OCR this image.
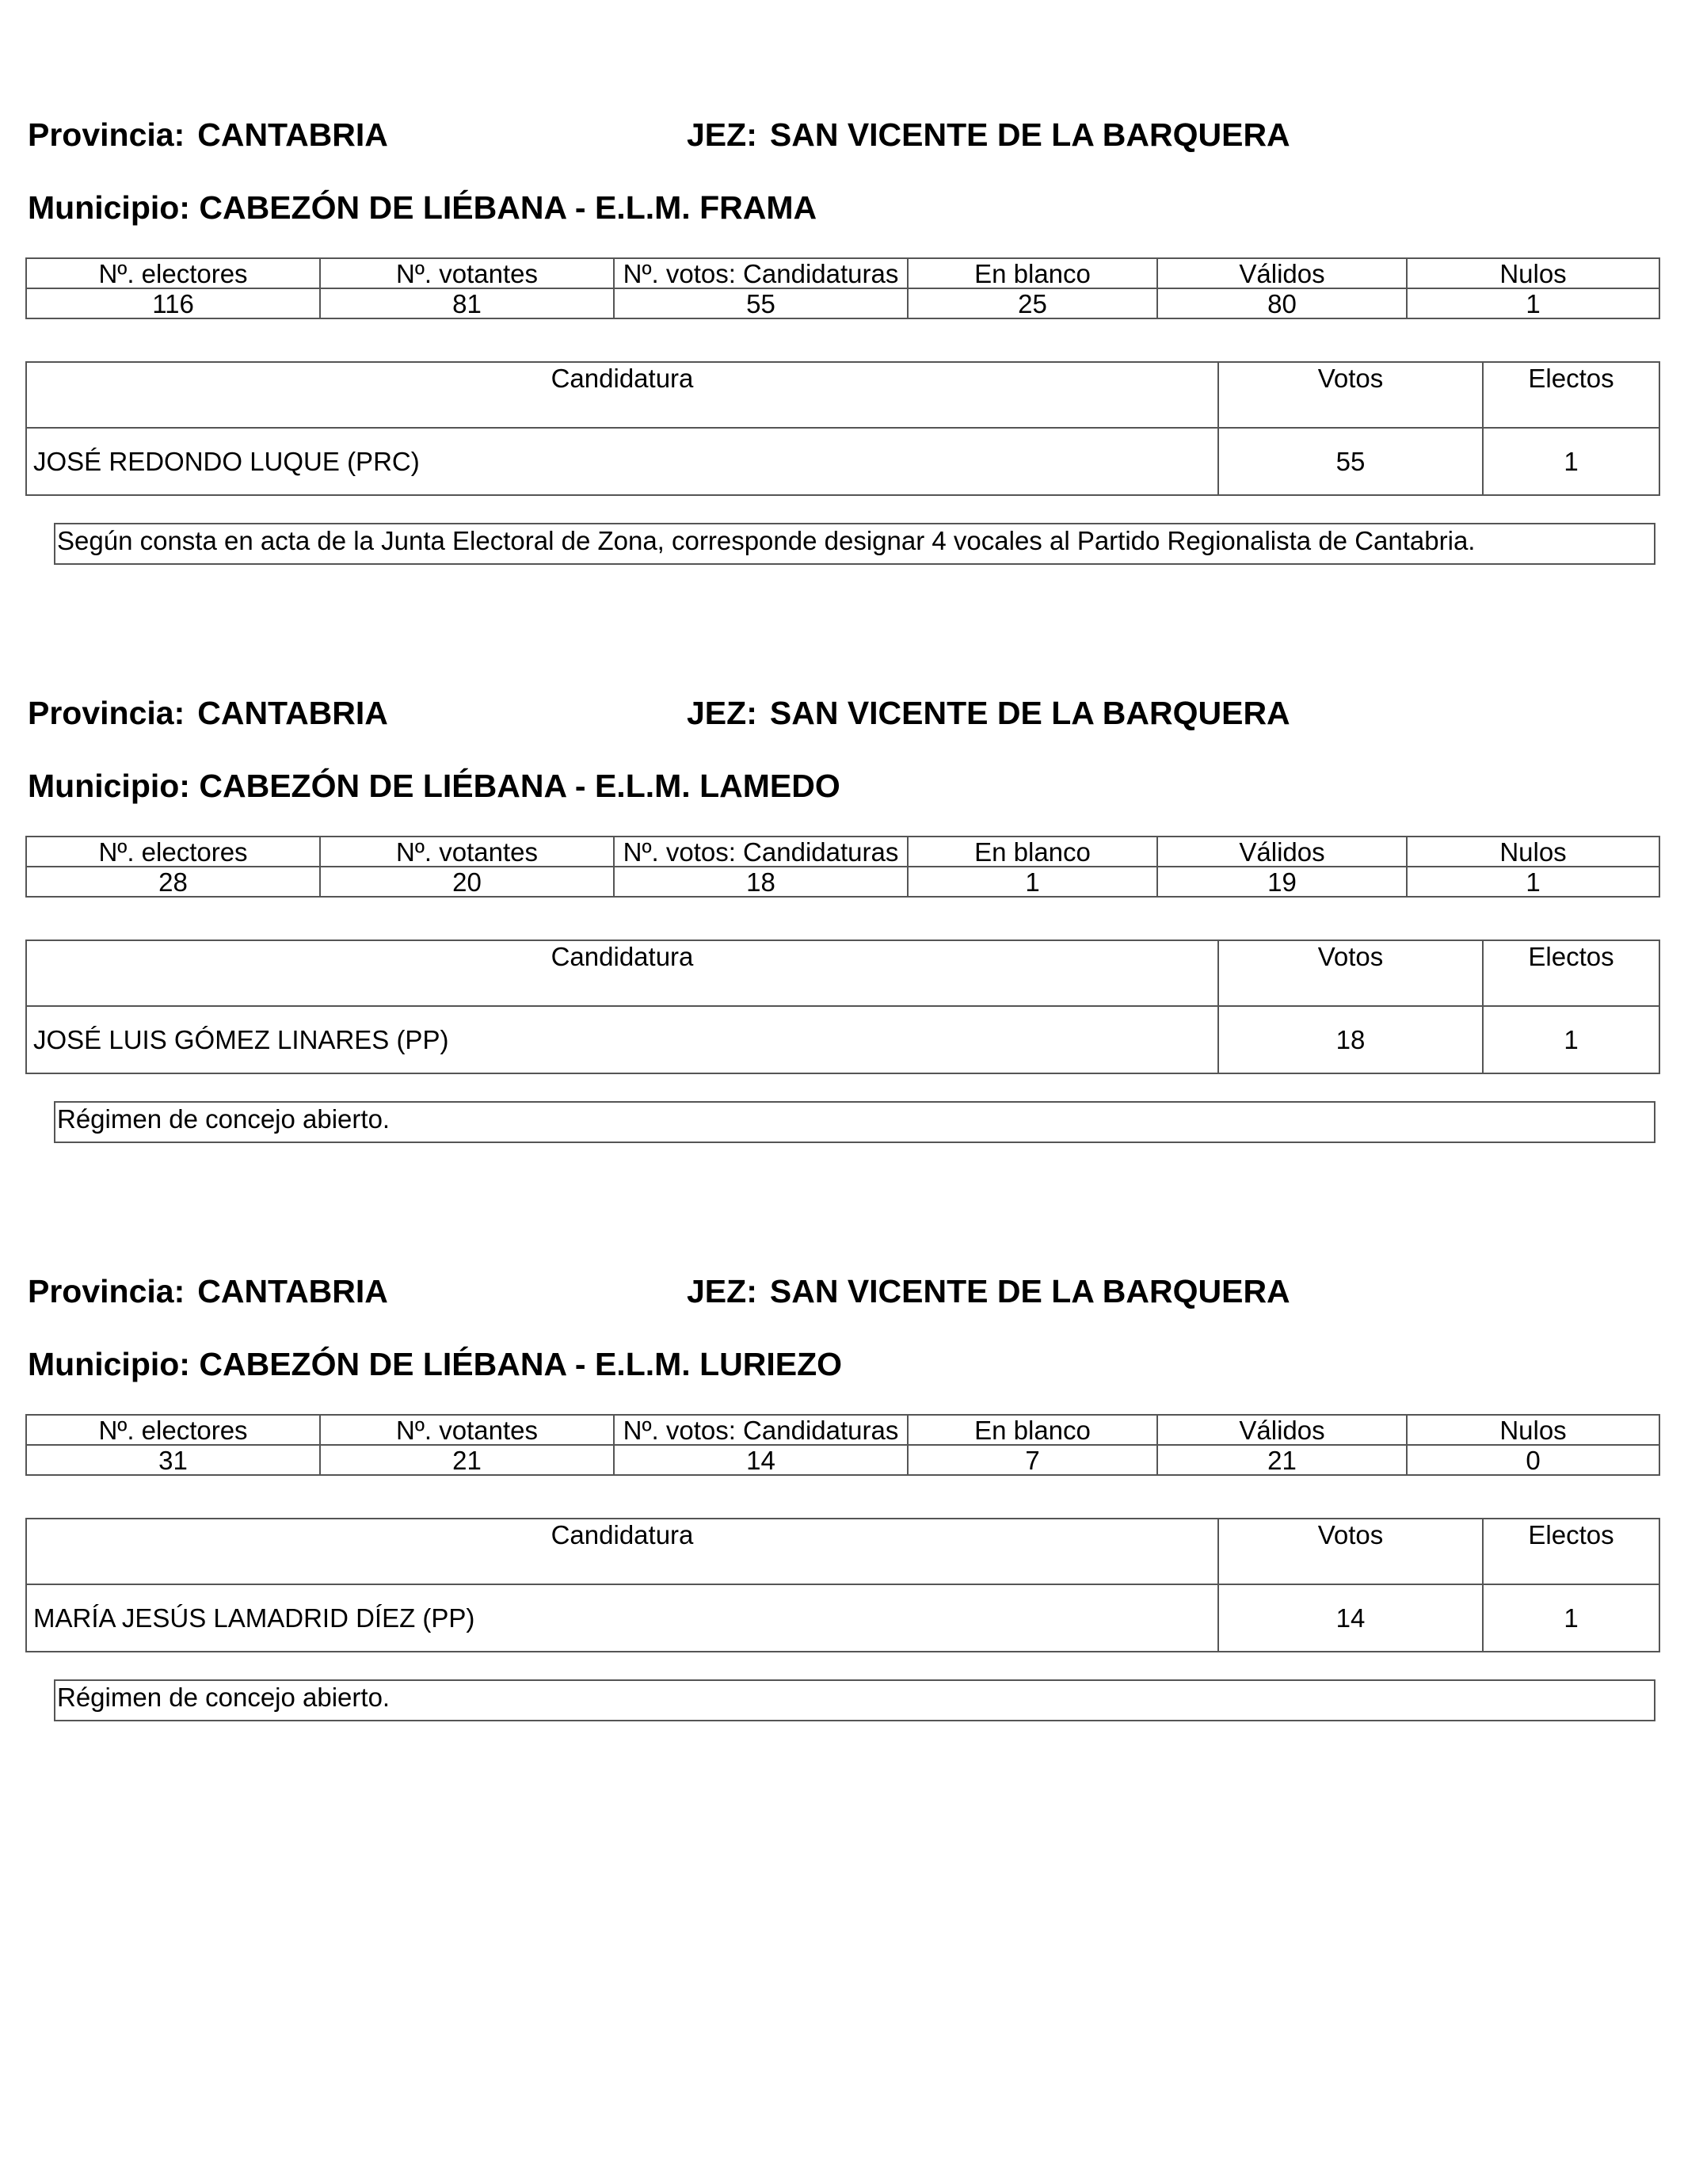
Provincia: CANTABRIA	JEZ: SAN VICENTE DE LA BARQUERA
Municipio: CABEZÓN DE LIÉBANA - E.L.M. FRAMA
Nº. electores	Nº. votantes	Nº. votos: Candidaturas	En blanco	Válidos	Nulos
116	81	55	25	80	1
Candidatura	Votos	Electos
JOSÉ REDONDO LUQUE (PRC)	55	1
Según consta en acta de la Junta Electoral de Zona, corresponde designar 4 vocales al Partido Regionalista de Cantabria.
Provincia: CANTABRIA	JEZ: SAN VICENTE DE LA BARQUERA
Municipio: CABEZÓN DE LIÉBANA - E.L.M. LAMEDO
Nº. electores	Nº. votantes	Nº. votos: Candidaturas	En blanco	Válidos	Nulos
28	20	18	1	19	1
Candidatura	Votos	Electos
JOSÉ LUIS GÓMEZ LINARES (PP)	18	1
Régimen de concejo abierto.
Provincia: CANTABRIA	JEZ: SAN VICENTE DE LA BARQUERA
Municipio: CABEZÓN DE LIÉBANA - E.L.M. LURIEZO
Nº. electores	Nº. votantes	Nº. votos: Candidaturas	En blanco	Válidos	Nulos
31	21	14	7	21	0
Candidatura	Votos	Electos
MARÍA JESÚS LAMADRID DÍEZ (PP)	14	1
Régimen de concejo abierto.
